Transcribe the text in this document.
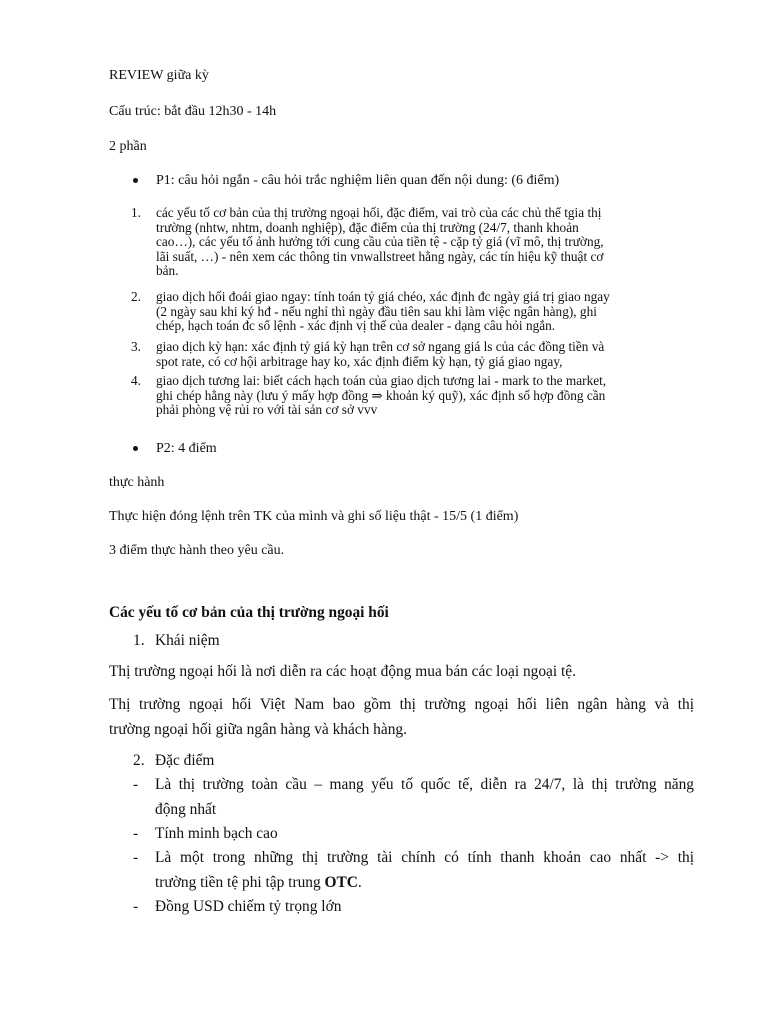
REVIEW giữa kỳ
Cấu trúc: bắt đầu 12h30 - 14h
2 phần
P1: câu hỏi ngắn - câu hỏi trắc nghiệm liên quan đến nội dung: (6 điểm)
1.	các yếu tố cơ bản của thị trường ngoại hối, đặc điểm, vai trò của các chủ thể tgia thị
trường (nhtw, nhtm, doanh nghiệp), đặc điểm của thị trường (24/7, thanh khoản
cao…), các yếu tố ảnh hưởng tới cung cầu của tiền tệ - cặp tỷ giá (vĩ mô, thị trường,
lãi suất, …) - nên xem các thông tin vnwallstreet hằng ngày, các tín hiệu kỹ thuật cơ
bản.
2.	giao dịch hối đoái giao ngay: tính toán tỷ giá chéo, xác định đc ngày giá trị giao ngay
(2 ngày sau khi ký hđ - nếu nghỉ thì ngày đầu tiên sau khi làm việc ngân hàng), ghi
chép, hạch toán đc sổ lệnh - xác định vị thế của dealer - dạng câu hỏi ngắn.
3.	giao dịch kỳ hạn: xác định tỷ giá kỳ hạn trên cơ sở ngang giá ls của các đồng tiền và
spot rate, có cơ hội arbitrage hay ko, xác định điểm kỳ hạn, tỷ giá giao ngay,
4.	giao dịch tương lai: biết cách hạch toán của giao dịch tương lai - mark to the market,
ghi chép hằng này (lưu ý mấy hợp đồng ⇒ khoản ký quỹ), xác định số hợp đồng cần
phải phòng vệ rủi ro với tài sản cơ sở vvv
P2: 4 điểm
thực hành
Thực hiện đóng lệnh trên TK của mình và ghi số liệu thật - 15/5 (1 điểm)
3 điểm thực hành theo yêu cầu.
Các yếu tố cơ bản của thị trường ngoại hối
1. Khái niệm
Thị trường ngoại hối là nơi diễn ra các hoạt động mua bán các loại ngoại tệ.
Thị trường ngoại hối Việt Nam bao gồm thị trường ngoại hối liên ngân hàng và thị
trường ngoại hối giữa ngân hàng và khách hàng.
2. Đặc điểm
- Là thị trường toàn cầu – mang yếu tố quốc tế, diễn ra 24/7, là thị trường năng
động nhất
- Tính minh bạch cao
- Là một trong những thị trường tài chính có tính thanh khoản cao nhất -> thị
trường tiền tệ phi tập trung OTC.
- Đồng USD chiếm tỷ trọng lớn
